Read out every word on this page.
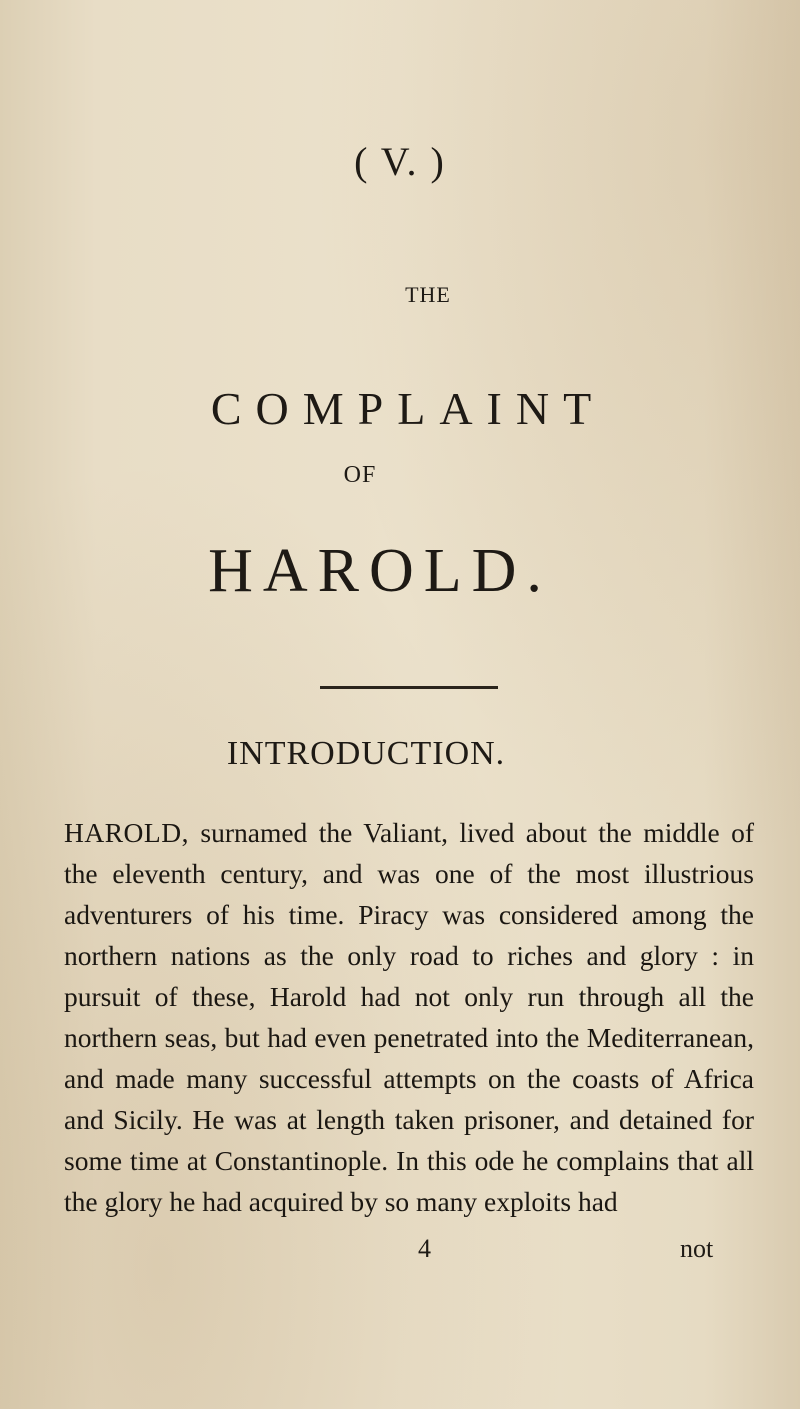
( V. )
THE
COMPLAINT
OF
HAROLD.
INTRODUCTION.

HAROLD, surnamed the Valiant, lived about the middle of the eleventh century, and was one of the most illustrious adventurers of his time. Piracy was considered among the northern nations as the only road to riches and glory : in pursuit of these, Harold had not only run through all the northern seas, but had even penetrated into the Mediterranean, and made many successful attempts on the coasts of Africa and Sicily. He was at length taken prisoner, and detained for some time at Constantinople. In this ode he complains that all the glory he had acquired by so many exploits had

4	not
